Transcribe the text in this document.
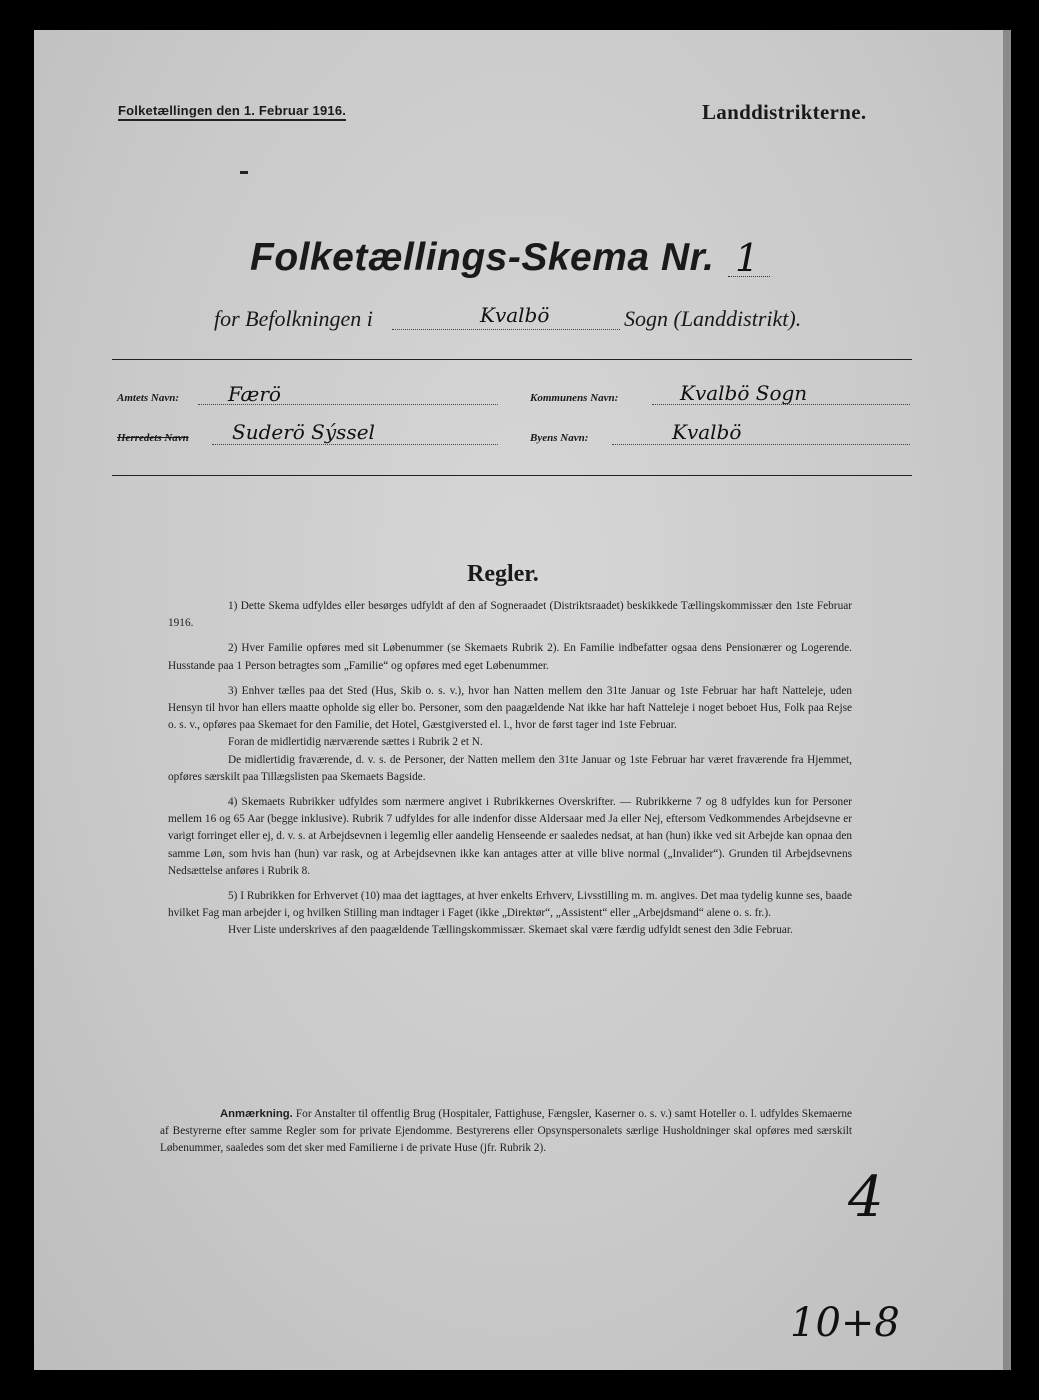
Folketællingen den 1. Februar 1916.	Landdistrikterne.
Folketællings-Skema Nr. 1
for Befolkningen i	Kvalbö	Sogn (Landdistrikt).
Amtets Navn: Færö	Kommunens Navn:	Kvalbö Sogn
Herredets Navn Suderö Sýssel	Byens Navn:	Kvalbö
Regler.

1) Dette Skema udfyldes eller besørges udfyldt af den af Sogneraadet (Distriktsraadet) beskikkede Tællingskommissær den 1ste Februar 1916.

2) Hver Familie opføres med sit Løbenummer (se Skemaets Rubrik 2). En Familie indbefatter ogsaa dens Pensionærer og Logerende. Husstande paa 1 Person betragtes som „Familie“ og opføres med eget Løbenummer.

3) Enhver tælles paa det Sted (Hus, Skib o. s. v.), hvor han Natten mellem den 31te Januar og 1ste Februar har haft Natteleje, uden Hensyn til hvor han ellers maatte opholde sig eller bo. Personer, som den paagældende Nat ikke har haft Natteleje i noget beboet Hus, Folk paa Rejse o. s. v., opføres paa Skemaet for den Familie, det Hotel, Gæstgiversted el. l., hvor de først tager ind 1ste Februar.

Foran de midlertidig nærværende sættes i Rubrik 2 et N.

De midlertidig fraværende, d. v. s. de Personer, der Natten mellem den 31te Januar og 1ste Februar har været fraværende fra Hjemmet, opføres særskilt paa Tillægslisten paa Skemaets Bagside.

4) Skemaets Rubrikker udfyldes som nærmere angivet i Rubrikkernes Overskrifter. — Rubrikkerne 7 og 8 udfyldes kun for Personer mellem 16 og 65 Aar (begge inklusive). Rubrik 7 udfyldes for alle indenfor disse Aldersaar med Ja eller Nej, eftersom Vedkommendes Arbejdsevne er varigt forringet eller ej, d. v. s. at Arbejdsevnen i legemlig eller aandelig Henseende er saaledes nedsat, at han (hun) ikke ved sit Arbejde kan opnaa den samme Løn, som hvis han (hun) var rask, og at Arbejdsevnen ikke kan antages atter at ville blive normal („Invalider“). Grunden til Arbejdsevnens Nedsættelse anføres i Rubrik 8.

5) I Rubrikken for Erhvervet (10) maa det iagttages, at hver enkelts Erhverv, Livsstilling m. m. angives. Det maa tydelig kunne ses, baade hvilket Fag man arbejder i, og hvilken Stilling man indtager i Faget (ikke „Direktør“, „Assistent“ eller „Arbejdsmand“ alene o. s. fr.).

Hver Liste underskrives af den paagældende Tællingskommissær. Skemaet skal være færdig udfyldt senest den 3die Februar.

Anmærkning. For Anstalter til offentlig Brug (Hospitaler, Fattighuse, Fængsler, Kaserner o. s. v.) samt Hoteller o. l. udfyldes Skemaerne af Bestyrerne efter samme Regler som for private Ejendomme. Bestyrerens eller Opsynspersonalets særlige Husholdninger skal opføres med særskilt Løbenummer, saaledes som det sker med Familierne i de private Huse (jfr. Rubrik 2).

4
10+8
